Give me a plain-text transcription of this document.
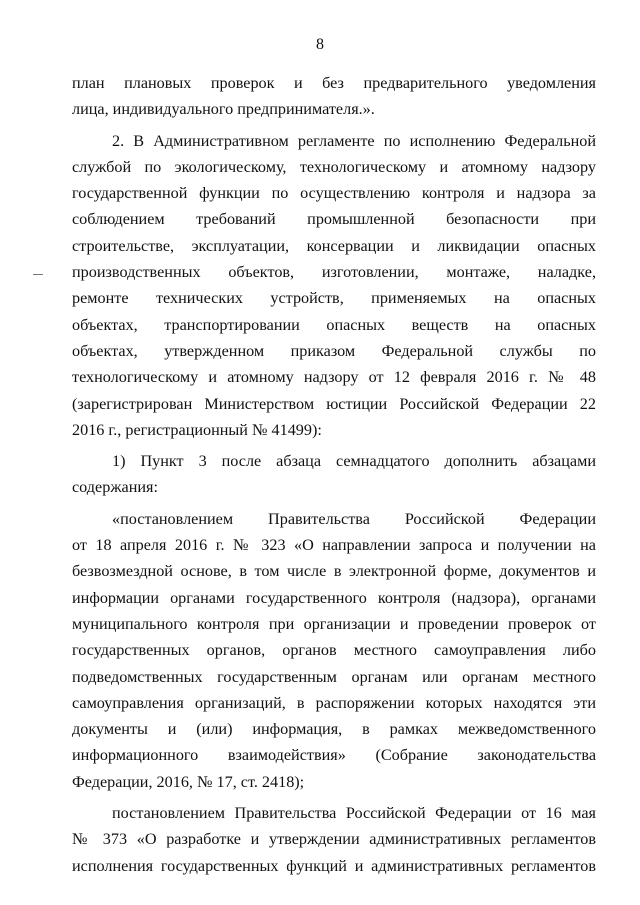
8
план плановых проверок и без предварительного уведомления
лица, индивидуального предпринимателя.».
2. В Административном регламенте по исполнению Федеральной
службой по экологическому, технологическому и атомному надзору
государственной функции по осуществлению контроля и надзора за
соблюдением требований промышленной безопасности при
строительстве, эксплуатации, консервации и ликвидации опасных
производственных объектов, изготовлении, монтаже, наладке,
ремонте технических устройств, применяемых на опасных
объектах, транспортировании опасных веществ на опасных
объектах, утвержденном приказом Федеральной службы по
технологическому и атомному надзору от 12 февраля 2016 г. № 48
(зарегистрирован Министерством юстиции Российской Федерации 22
2016 г., регистрационный № 41499):
1) Пункт 3 после абзаца семнадцатого дополнить абзацами
содержания:
«постановлением Правительства Российской Федерации
от 18 апреля 2016 г. № 323 «О направлении запроса и получении на
безвозмездной основе, в том числе в электронной форме, документов и
информации органами государственного контроля (надзора), органами
муниципального контроля при организации и проведении проверок от
государственных органов, органов местного самоуправления либо
подведомственных государственным органам или органам местного
самоуправления организаций, в распоряжении которых находятся эти
документы и (или) информация, в рамках межведомственного
информационного взаимодействия» (Собрание законодательства
Федерации, 2016, № 17, ст. 2418);
постановлением Правительства Российской Федерации от 16 мая
№ 373 «О разработке и утверждении административных регламентов
исполнения государственных функций и административных регламентов
